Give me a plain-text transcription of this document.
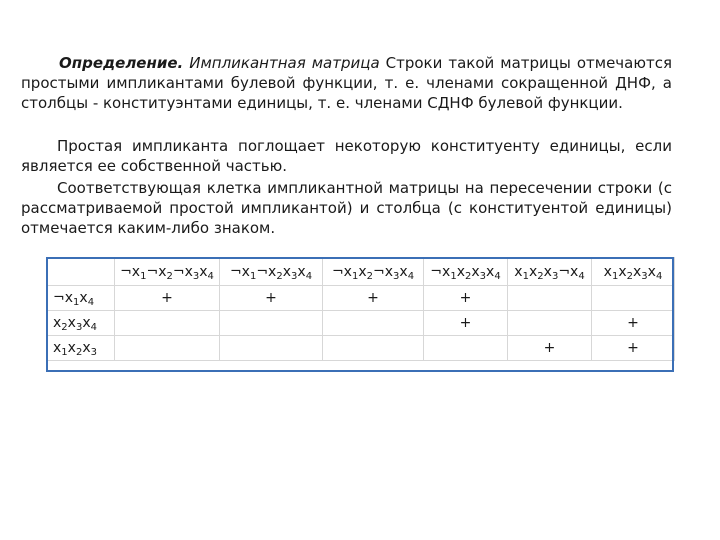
Определение. Импликантная матрица Строки такой матрицы отмечаются простыми импликантами булевой функции, т. е. членами сокращенной ДНФ, а столбцы - конституэнтами единицы, т. е. членами СДНФ булевой функции.
Простая импликанта поглощает некоторую конституенту единицы, если является ее собственной частью.
Соответствующая клетка импликантной матрицы на пересечении строки (с рассматриваемой простой импликантой) и столбца (с конституентой единицы) отмечается каким-либо знаком.
	$\neg x_1\neg x_2\neg x_3x_4$	$\neg x_1\neg x_2x_3x_4$	$\neg x_1x_2\neg x_3x_4$	$\neg x_1x_2x_3x_4$	$x_1x_2x_3\neg x_4$	$x_1x_2x_3x_4$
$\neg x_1x_4$	+	+	+	+		
$x_2x_3x_4$				+		+
$x_1x_2x_3$					+	+
